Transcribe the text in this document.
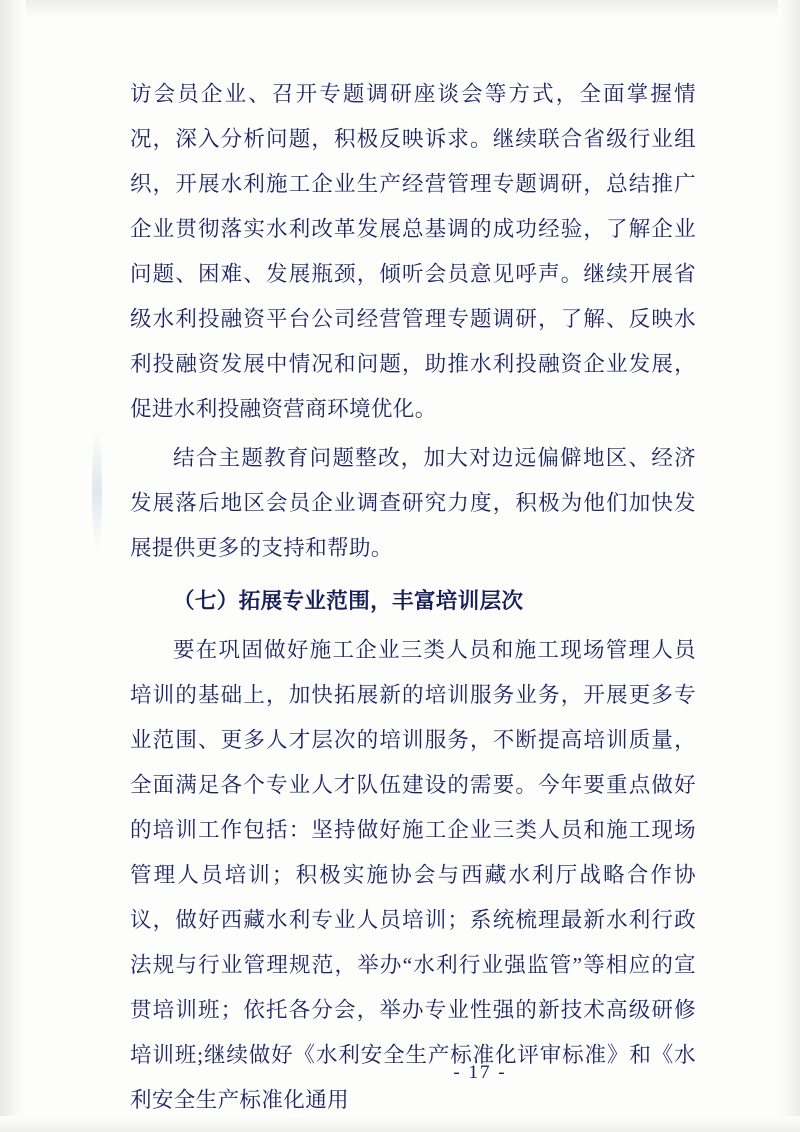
访会员企业、召开专题调研座谈会等方式，全面掌握情况，深入分析问题，积极反映诉求。继续联合省级行业组织，开展水利施工企业生产经营管理专题调研，总结推广企业贯彻落实水利改革发展总基调的成功经验，了解企业问题、困难、发展瓶颈，倾听会员意见呼声。继续开展省级水利投融资平台公司经营管理专题调研，了解、反映水利投融资发展中情况和问题，助推水利投融资企业发展，促进水利投融资营商环境优化。

结合主题教育问题整改，加大对边远偏僻地区、经济发展落后地区会员企业调查研究力度，积极为他们加快发展提供更多的支持和帮助。

（七）拓展专业范围，丰富培训层次

要在巩固做好施工企业三类人员和施工现场管理人员培训的基础上，加快拓展新的培训服务业务，开展更多专业范围、更多人才层次的培训服务，不断提高培训质量，全面满足各个专业人才队伍建设的需要。今年要重点做好的培训工作包括：坚持做好施工企业三类人员和施工现场管理人员培训；积极实施协会与西藏水利厅战略合作协议，做好西藏水利专业人员培训；系统梳理最新水利行政法规与行业管理规范，举办“水利行业强监管”等相应的宣贯培训班；依托各分会，举办专业性强的新技术高级研修培训班;继续做好《水利安全生产标准化评审标准》和《水利安全生产标准化通用

- 17 -
